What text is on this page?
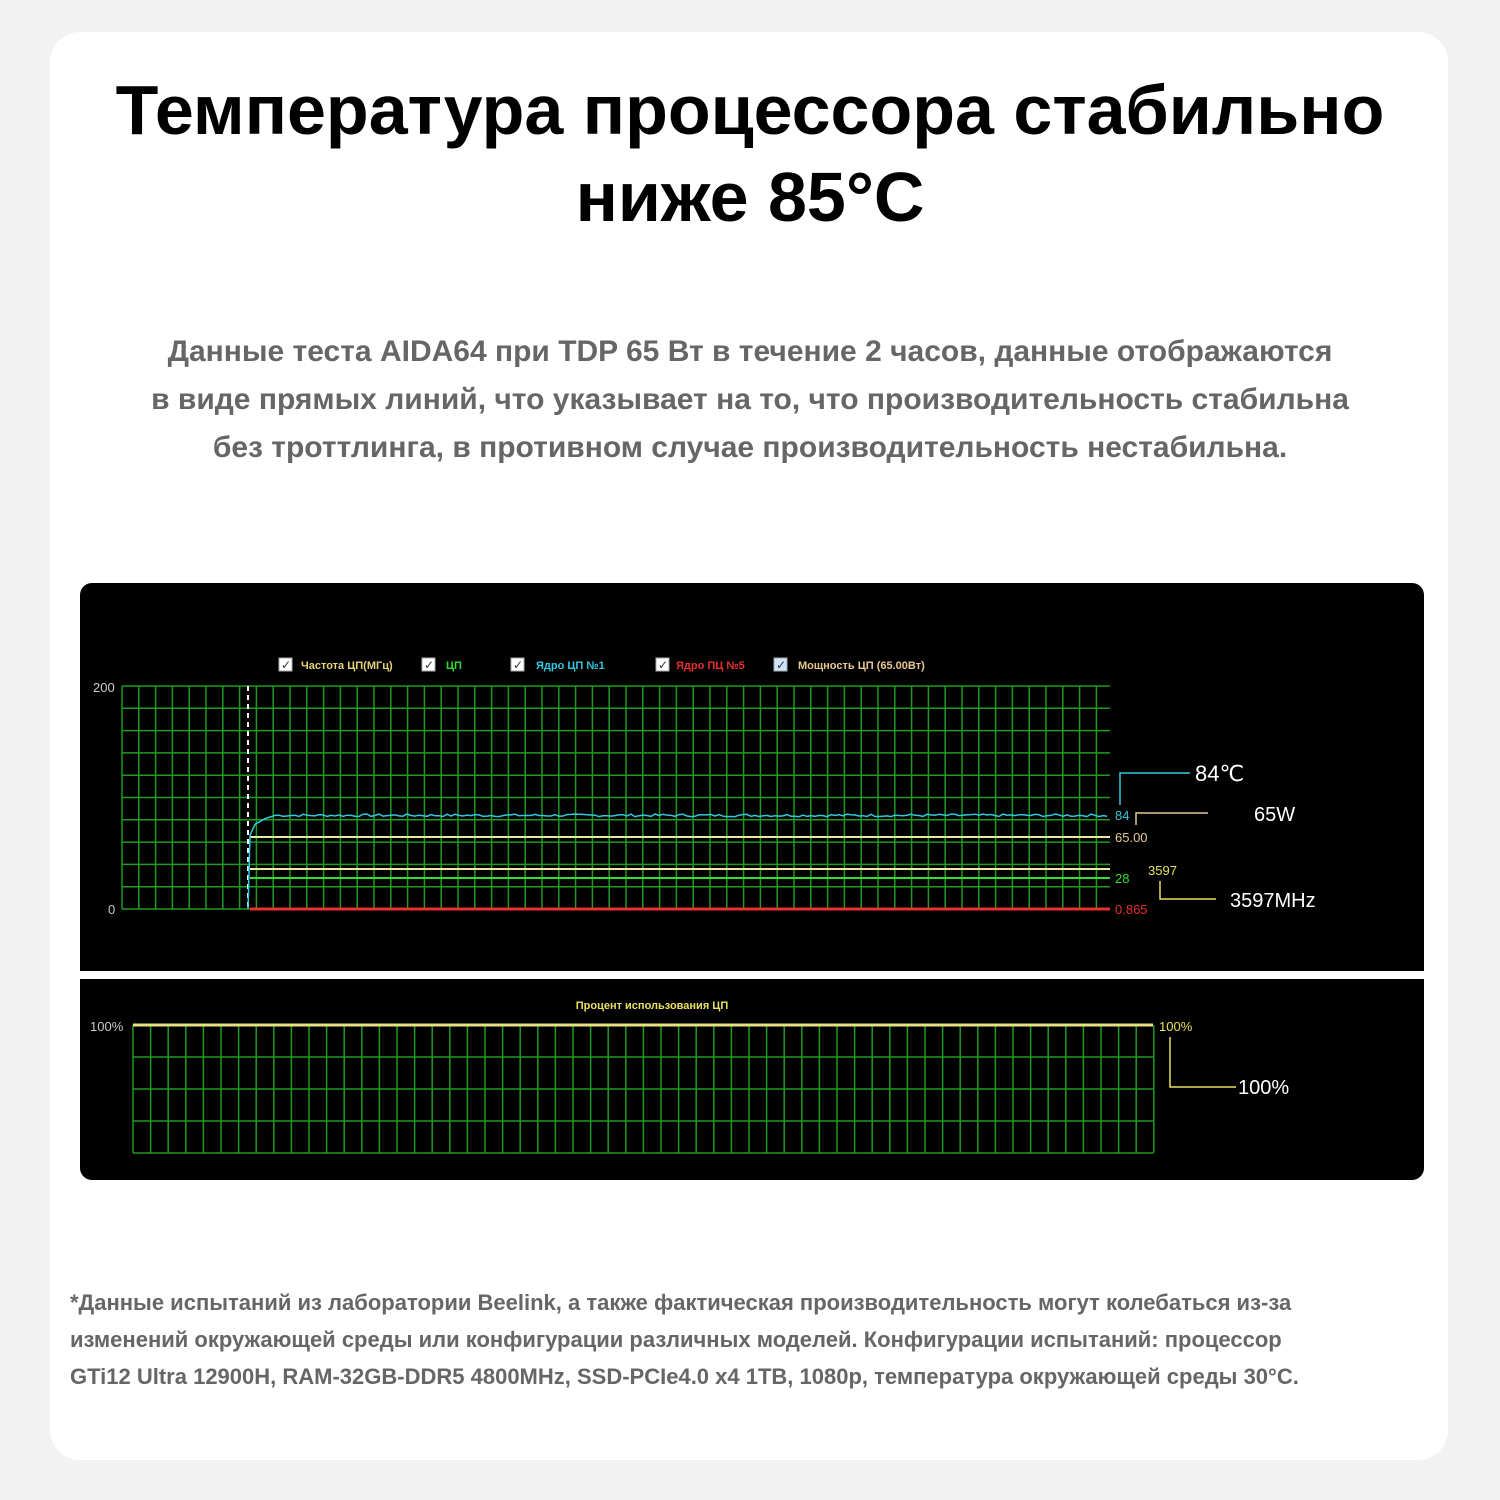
Температура процессора стабильно
ниже 85°C
Данные теста AIDA64 при TDP 65 Вт в течение 2 часов, данные отображаются
в виде прямых линий, что указывает на то, что производительность стабильна
без троттлинга, в противном случае производительность нестабильна.
✓ Частота ЦП(МГц)	✓ ЦП	✓ Ядро ЦП №1	✓ Ядро ПЦ №5	✓ Мощность ЦП (65.00Вт)
200
0
84
65.00
28
0.865
3597
84℃
65W
3597MHz
Процент использования ЦП
100%	100%
100%
*Данные испытаний из лаборатории Beelink, а также фактическая производительность могут колебаться из-за
изменений окружающей среды или конфигурации различных моделей. Конфигурации испытаний: процессор
GTi12 Ultra 12900H, RAM-32GB-DDR5 4800MHz, SSD-PCIe4.0 x4 1TB, 1080p, температура окружающей среды 30°C.
